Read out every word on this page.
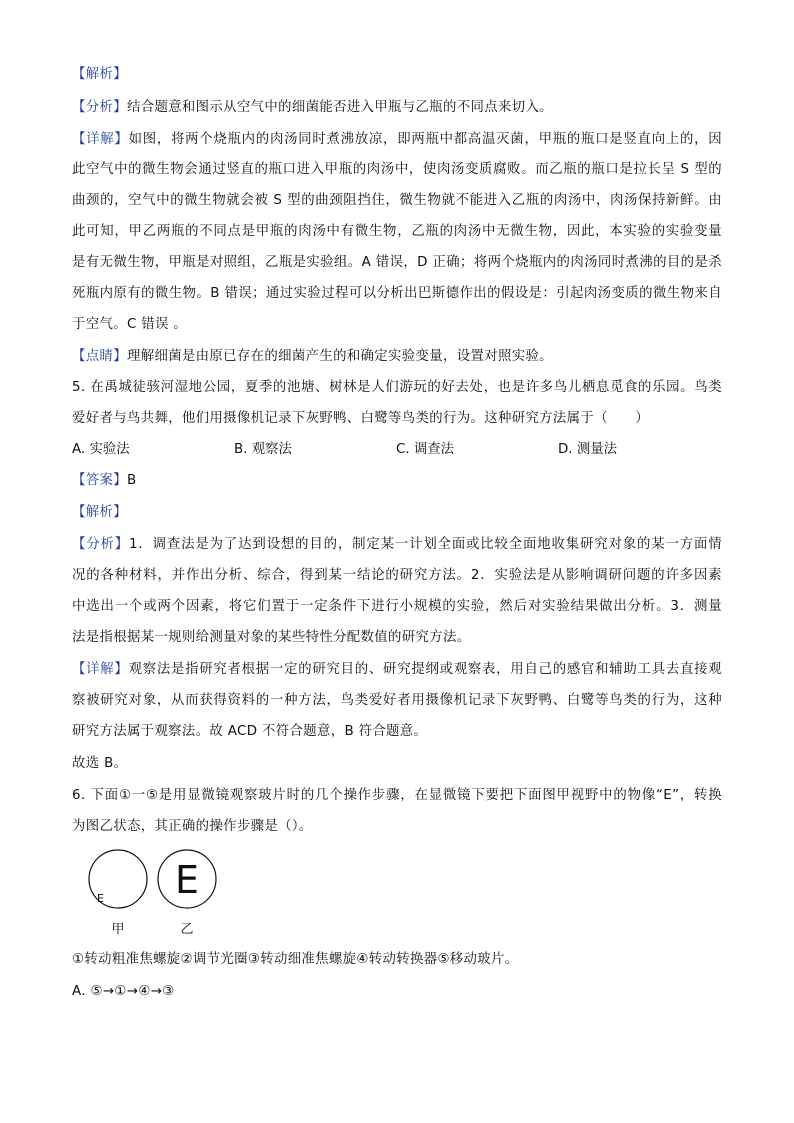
【解析】
【分析】结合题意和图示从空气中的细菌能否进入甲瓶与乙瓶的不同点来切入。
【详解】如图，将两个烧瓶内的肉汤同时煮沸放凉，即两瓶中都高温灭菌，甲瓶的瓶口是竖直向上的，因
此空气中的微生物会通过竖直的瓶口进入甲瓶的肉汤中，使肉汤变质腐败。而乙瓶的瓶口是拉长呈 S 型的
曲颈的，空气中的微生物就会被 S 型的曲颈阻挡住，微生物就不能进入乙瓶的肉汤中，肉汤保持新鲜。由
此可知，甲乙两瓶的不同点是甲瓶的肉汤中有微生物，乙瓶的肉汤中无微生物，因此，本实验的实验变量
是有无微生物，甲瓶是对照组，乙瓶是实验组。A 错误，D 正确；将两个烧瓶内的肉汤同时煮沸的目的是杀
死瓶内原有的微生物。B 错误；通过实验过程可以分析出巴斯德作出的假设是：引起肉汤变质的微生物来自
于空气。C 错误 。
【点睛】理解细菌是由原已存在的细菌产生的和确定实验变量，设置对照实验。
5. 在禹城徒骇河湿地公园，夏季的池塘、树林是人们游玩的好去处，也是许多鸟儿栖息觅食的乐园。鸟类
爱好者与鸟共舞，他们用摄像机记录下灰野鸭、白鹭等鸟类的行为。这种研究方法属于（　　）
A. 实验法	B. 观察法	C. 调查法	D. 测量法
【答案】B
【解析】
【分析】1．调查法是为了达到设想的目的，制定某一计划全面或比较全面地收集研究对象的某一方面情
况的各种材料，并作出分析、综合，得到某一结论的研究方法。2．实验法是从影响调研问题的许多因素
中选出一个或两个因素，将它们置于一定条件下进行小规模的实验，然后对实验结果做出分析。3．测量
法是指根据某一规则给测量对象的某些特性分配数值的研究方法。
【详解】观察法是指研究者根据一定的研究目的、研究提纲或观察表，用自己的感官和辅助工具去直接观
察被研究对象，从而获得资料的一种方法，鸟类爱好者用摄像机记录下灰野鸭、白鹭等鸟类的行为，这种
研究方法属于观察法。故 ACD 不符合题意，B 符合题意。
故选 B。
6. 下面①一⑤是用显微镜观察玻片时的几个操作步骤，在显微镜下要把下面图甲视野中的物像“E”，转换
为图乙状态，其正确的操作步骤是（）。
E E
甲	乙
①转动粗准焦螺旋②调节光圈③转动细准焦螺旋④转动转换器⑤移动玻片。
A. ⑤→①→④→③
